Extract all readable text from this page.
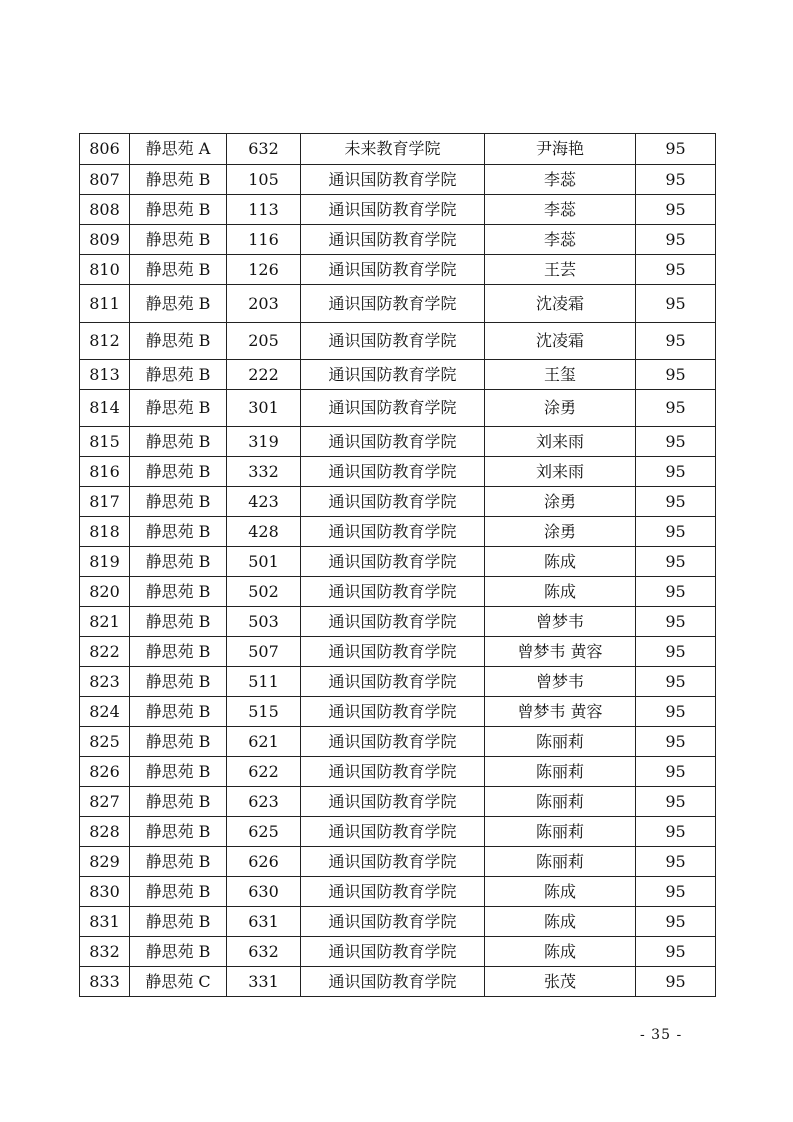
806	静思苑 A	632	未来教育学院	尹海艳	95
807	静思苑 B	105	通识国防教育学院	李蕊	95
808	静思苑 B	113	通识国防教育学院	李蕊	95
809	静思苑 B	116	通识国防教育学院	李蕊	95
810	静思苑 B	126	通识国防教育学院	王芸	95
811	静思苑 B	203	通识国防教育学院	沈凌霜	95
812	静思苑 B	205	通识国防教育学院	沈凌霜	95
813	静思苑 B	222	通识国防教育学院	王玺	95
814	静思苑 B	301	通识国防教育学院	涂勇	95
815	静思苑 B	319	通识国防教育学院	刘来雨	95
816	静思苑 B	332	通识国防教育学院	刘来雨	95
817	静思苑 B	423	通识国防教育学院	涂勇	95
818	静思苑 B	428	通识国防教育学院	涂勇	95
819	静思苑 B	501	通识国防教育学院	陈成	95
820	静思苑 B	502	通识国防教育学院	陈成	95
821	静思苑 B	503	通识国防教育学院	曾梦韦	95
822	静思苑 B	507	通识国防教育学院	曾梦韦 黄容	95
823	静思苑 B	511	通识国防教育学院	曾梦韦	95
824	静思苑 B	515	通识国防教育学院	曾梦韦 黄容	95
825	静思苑 B	621	通识国防教育学院	陈丽莉	95
826	静思苑 B	622	通识国防教育学院	陈丽莉	95
827	静思苑 B	623	通识国防教育学院	陈丽莉	95
828	静思苑 B	625	通识国防教育学院	陈丽莉	95
829	静思苑 B	626	通识国防教育学院	陈丽莉	95
830	静思苑 B	630	通识国防教育学院	陈成	95
831	静思苑 B	631	通识国防教育学院	陈成	95
832	静思苑 B	632	通识国防教育学院	陈成	95
833	静思苑 C	331	通识国防教育学院	张茂	95
- 35 -
